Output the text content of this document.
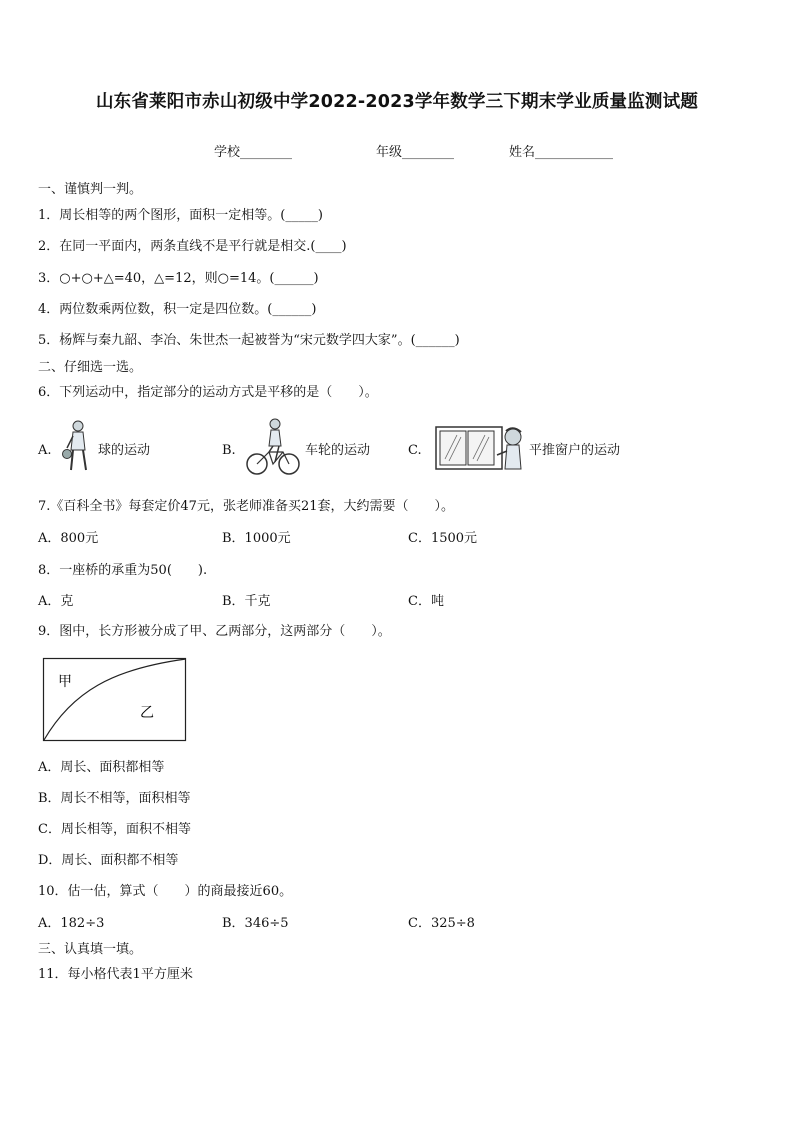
山东省莱阳市赤山初级中学2022-2023学年数学三下期末学业质量监测试题
学校________	年级________	姓名____________
一、谨慎判一判。
1．周长相等的两个图形，面积一定相等。(_____)
2．在同一平面内，两条直线不是平行就是相交.(____)
3．○+○+△=40，△=12，则○=14。(______)
4．两位数乘两位数，积一定是四位数。(______)
5．杨辉与秦九韶、李冶、朱世杰一起被誉为“宋元数学四大家”。(______)
二、仔细选一选。
6．下列运动中，指定部分的运动方式是平移的是（　　）。
A.	球的运动	B.	车轮的运动	C.	平推窗户的运动
7.《百科全书》每套定价47元，张老师准备买21套，大约需要（　　）。
A．800元	B．1000元	C．1500元
8．一座桥的承重为50(　　).
A．克	B．千克	C．吨
9．图中，长方形被分成了甲、乙两部分，这两部分（　　）。
甲
乙
A．周长、面积都相等
B．周长不相等，面积相等
C．周长相等，面积不相等
D．周长、面积都不相等
10．估一估，算式（　　）的商最接近60。
A．182÷3	B．346÷5	C．325÷8
三、认真填一填。
11．每小格代表1平方厘米
